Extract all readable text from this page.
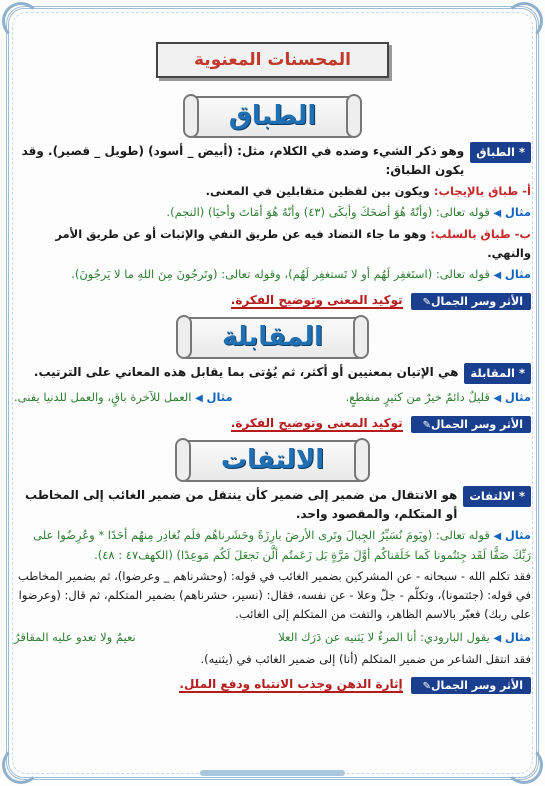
المحسنات المعنوية
الطباق
* الطباق
وهو ذكر الشيء وضده في الكلام، مثل: (أبيض _ أسود) (طويل _ قصير). وقد يكون الطباق:
أ- طباق بالإيجاب: ويكون بين لفظين متقابلين في المعنى.
مثال ◀ قوله تعالى: (وأنّهُ هُوَ أضحَكَ وأبكَى (٤٣) وأنّهُ هُوَ أمَاتَ وأحيَا) (النجم).
ب- طباق بالسلب: وهو ما جاء التضاد فيه عن طريق النفي والإثبات أو عن طريق الأمر والنهي.
مثال ◀ قوله تعالى: (استَغفِر لَهُم أو لا تَستغفِر لَهُم)، وقوله تعالى: (وتَرجُونَ مِنَ اللهِ ما لا يَرجُونَ).
الأثر وسر الجمال✎
توكيد المعنى وتوضيح الفكرة.
المقابلة
* المقابلة
هي الإتيان بمعنيين أو أكثر، ثم يُؤتى بما يقابل هذه المعاني على الترتيب.
مثال ◀ قليلٌ دائمٌ خيرٌ من كثيرٍ منقطعٍ.
مثال ◀ العمل للآخرة باقٍ، والعمل للدنيا يفنى.
الأثر وسر الجمال✎
توكيد المعنى وتوضيح الفكرة.
الالتفات
* الالتفات
هو الانتقال من ضمير إلى ضمير كأن ينتقل من ضمير الغائب إلى المخاطب أو المتكلم، والمقصود واحد.
مثال ◀ قوله تعالى: (ويَومَ نُسَيِّرُ الجِبالَ وتَرى الأرضَ بارِزَةً وحَشَرناهُم فلَم نُغادِر مِنهُم أحَدًا * وعُرِضُوا على رَبِّكَ صَفًّا لَقَد جِئتُمونا كَما خَلَقناكُم أوَّلَ مَرَّةٍ بَل زَعَمتُم ألَّن نَجعَلَ لَكُم مَوعِدًا) (الكهف٤٧ : ٤٨).
فقد تكلم الله - سبحانه - عن المشركين بضمير الغائب في قوله: (وحشرناهم _ وعرضوا)، ثم بضمير المخاطب في قوله: (جئتمونا)، وتكلّم - جلّ وعلا - عن نفسه، فقال: (نسير، حشرناهم) بضمير المتكلم، ثم قال: (وعرضوا على ربك) فعبّر بالاسم الظاهر، والتفت من المتكلم إلى الغائب.
مثال ◀ يقول البارودي: أنا المرءُ لا يَثنيه عن دَرَك العلا
نعيمٌ ولا تعدو عليه المقاقرُ
فقد انتقل الشاعر من ضمير المتكلم (أنا) إلى ضمير الغائب في (يثنيه).
الأثر وسر الجمال✎
إثارة الذهن وجذب الانتباه ودفع الملل.
